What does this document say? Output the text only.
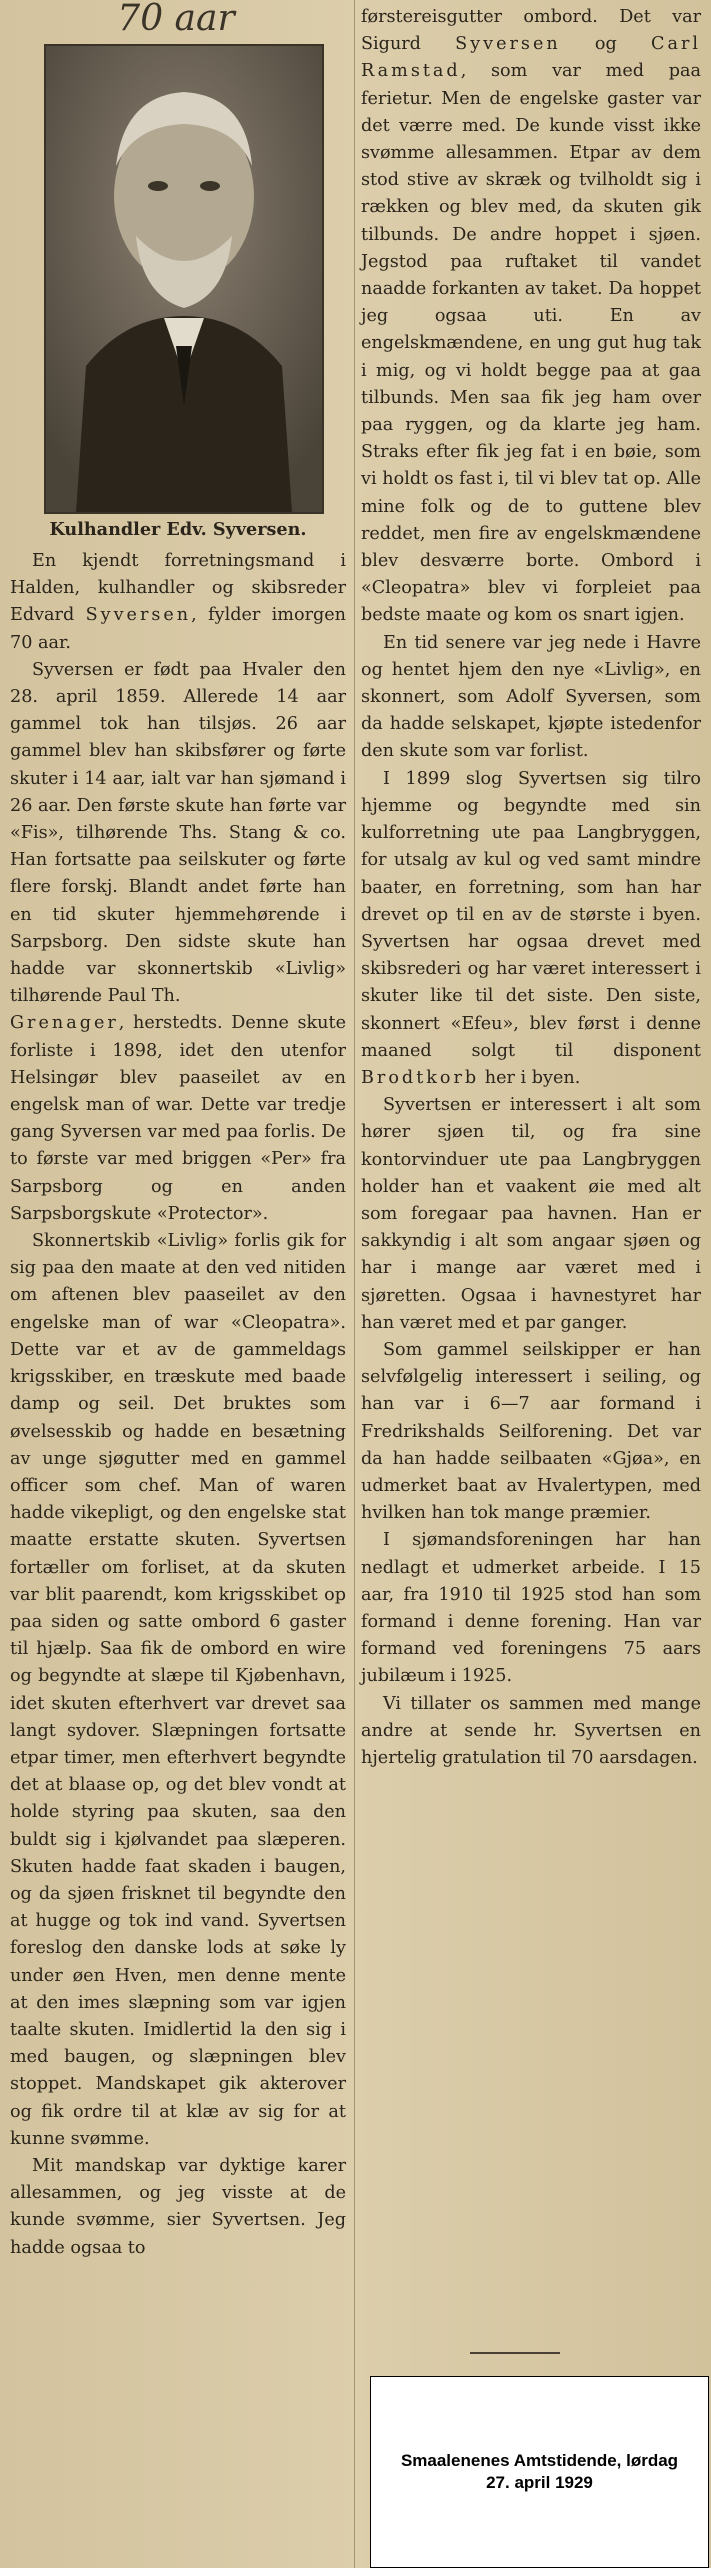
70 aar
Kulhandler Edv. Syversen.

En kjendt forretningsmand i Halden, kulhandler og skibsreder Edvard Syversen, fylder imorgen 70 aar.

Syversen er født paa Hvaler den 28. april 1859. Allerede 14 aar gammel tok han tilsjøs. 26 aar gammel blev han skibsfører og førte skuter i 14 aar, ialt var han sjømand i 26 aar. Den første skute han førte var «Fis», tilhørende Ths. Stang & co. Han fortsatte paa seilskuter og førte flere forskj. Blandt andet førte han en tid skuter hjemmehørende i Sarpsborg. Den sidste skute han hadde var skonnertskib «Livlig» tilhørende Paul Th.

Grenager, herstedts. Denne skute forliste i 1898, idet den utenfor Helsingør blev paaseilet av en engelsk man of war. Dette var tredje gang Syversen var med paa forlis. De to første var med briggen «Per» fra Sarpsborg og en anden Sarpsborgskute «Protector».

Skonnertskib «Livlig» forlis gik for sig paa den maate at den ved nitiden om aftenen blev paaseilet av den engelske man of war «Cleopatra». Dette var et av de gammeldags krigsskiber, en træskute med baade damp og seil. Det bruktes som øvelsesskib og hadde en besætning av unge sjøgutter med en gammel officer som chef. Man of waren hadde vikepligt, og den engelske stat maatte erstatte skuten. Syvertsen fortæller om forliset, at da skuten var blit paarendt, kom krigsskibet op paa siden og satte ombord 6 gaster til hjælp. Saa fik de ombord en wire og begyndte at slæpe til Kjøbenhavn, idet skuten efterhvert var drevet saa langt sydover. Slæpningen fortsatte etpar timer, men efterhvert begyndte det at blaase op, og det blev vondt at holde styring paa skuten, saa den buldt sig i kjølvandet paa slæperen. Skuten hadde faat skaden i baugen, og da sjøen frisknet til begyndte den at hugge og tok ind vand. Syvertsen foreslog den danske lods at søke ly under øen Hven, men denne mente at den imes slæpning som var igjen taalte skuten. Imidlertid la den sig i med baugen, og slæpningen blev stoppet. Mandskapet gik akterover og fik ordre til at klæ av sig for at kunne svømme.

Mit mandskap var dyktige karer allesammen, og jeg visste at de kunde svømme, sier Syvertsen. Jeg hadde ogsaa to

førstereisgutter ombord. Det var Sigurd Syversen og Carl Ramstad, som var med paa ferietur. Men de engelske gaster var det værre med. De kunde visst ikke svømme allesammen. Etpar av dem stod stive av skræk og tvilholdt sig i rækken og blev med, da skuten gik tilbunds. De andre hoppet i sjøen. Jegstod paa ruftaket til vandet naadde forkanten av taket. Da hoppet jeg ogsaa uti. En av engelskmændene, en ung gut hug tak i mig, og vi holdt begge paa at gaa tilbunds. Men saa fik jeg ham over paa ryggen, og da klarte jeg ham. Straks efter fik jeg fat i en bøie, som vi holdt os fast i, til vi blev tat op. Alle mine folk og de to guttene blev reddet, men fire av engelskmændene blev desværre borte. Ombord i «Cleopatra» blev vi forpleiet paa bedste maate og kom os snart igjen.

En tid senere var jeg nede i Havre og hentet hjem den nye «Livlig», en skonnert, som Adolf Syversen, som da hadde selskapet, kjøpte istedenfor den skute som var forlist.

I 1899 slog Syvertsen sig tilro hjemme og begyndte med sin kulforretning ute paa Langbryggen, for utsalg av kul og ved samt mindre baater, en forretning, som han har drevet op til en av de største i byen. Syvertsen har ogsaa drevet med skibsrederi og har været interessert i skuter like til det siste. Den siste, skonnert «Efeu», blev først i denne maaned solgt til disponent Brodtkorb her i byen.

Syvertsen er interessert i alt som hører sjøen til, og fra sine kontorvinduer ute paa Langbryggen holder han et vaakent øie med alt som foregaar paa havnen. Han er sakkyndig i alt som angaar sjøen og har i mange aar været med i sjøretten. Ogsaa i havnestyret har han været med et par ganger.

Som gammel seilskipper er han selvfølgelig interessert i seiling, og han var i 6—7 aar formand i Fredrikshalds Seilforening. Det var da han hadde seilbaaten «Gjøa», en udmerket baat av Hvalertypen, med hvilken han tok mange præmier.

I sjømandsforeningen har han nedlagt et udmerket arbeide. I 15 aar, fra 1910 til 1925 stod han som formand i denne forening. Han var formand ved foreningens 75 aars jubilæum i 1925.

Vi tillater os sammen med mange andre at sende hr. Syvertsen en hjertelig gratulation til 70 aarsdagen.

Smaalenenes Amtstidende, lørdag
27. april 1929
